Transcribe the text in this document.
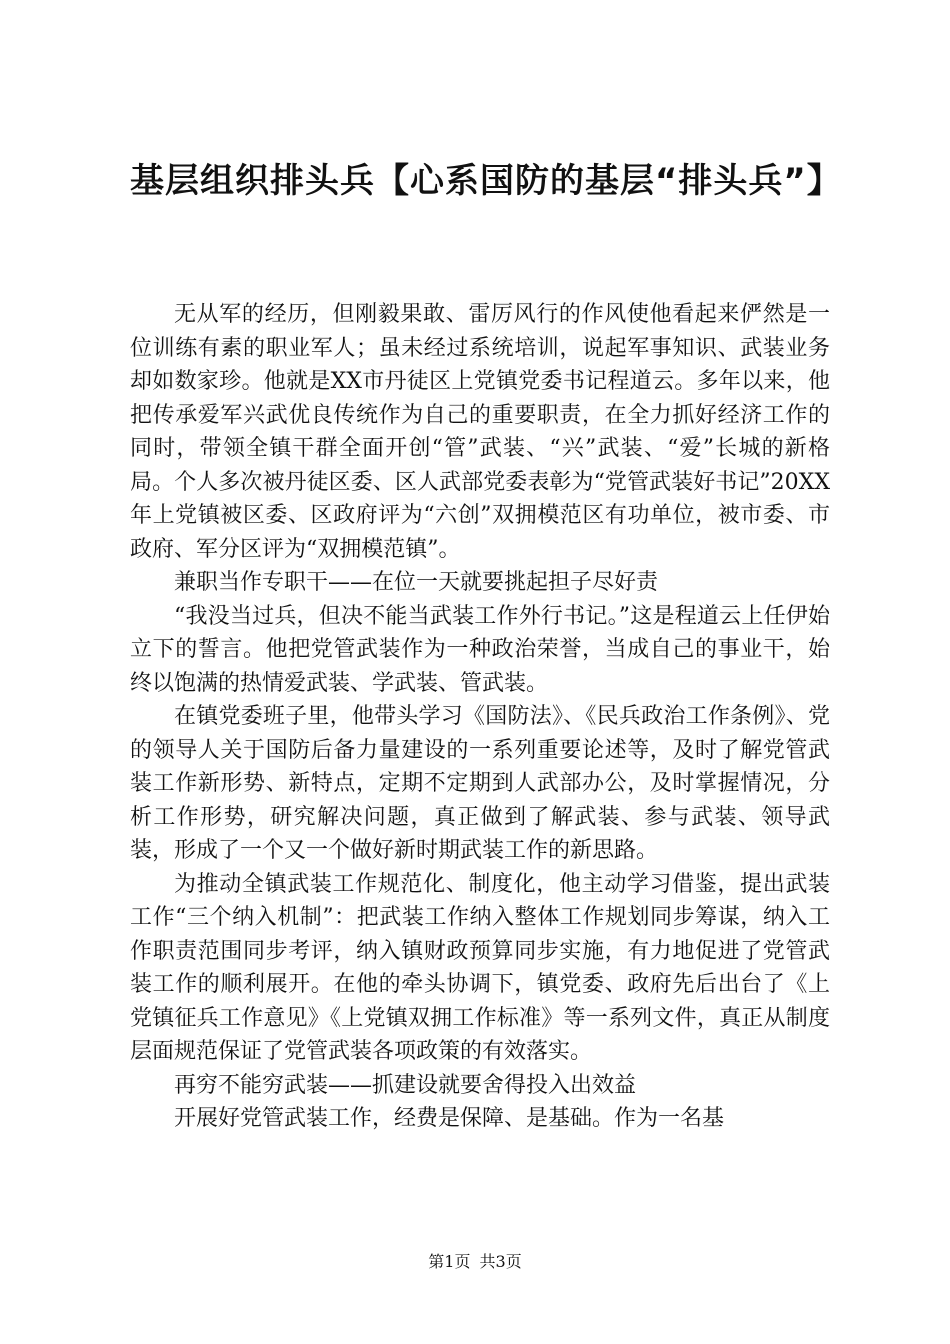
基层组织排头兵【心系国防的基层“排头兵”】

无从军的经历，但刚毅果敢、雷厉风行的作风使他看起来俨然是一位训练有素的职业军人；虽未经过系统培训，说起军事知识、武装业务却如数家珍。他就是XX市丹徒区上党镇党委书记程道云。多年以来，他把传承爱军兴武优良传统作为自己的重要职责，在全力抓好经济工作的同时，带领全镇干群全面开创“管”武装、“兴”武装、“爱”长城的新格局。个人多次被丹徒区委、区人武部党委表彰为“党管武装好书记”20XX年上党镇被区委、区政府评为“六创”双拥模范区有功单位，被市委、市政府、军分区评为“双拥模范镇”。

兼职当作专职干——在位一天就要挑起担子尽好责

“我没当过兵，但决不能当武装工作外行书记。”这是程道云上任伊始立下的誓言。他把党管武装作为一种政治荣誉，当成自己的事业干，始终以饱满的热情爱武装、学武装、管武装。

在镇党委班子里，他带头学习《国防法》、《民兵政治工作条例》、党的领导人关于国防后备力量建设的一系列重要论述等，及时了解党管武装工作新形势、新特点，定期不定期到人武部办公，及时掌握情况，分析工作形势，研究解决问题，真正做到了解武装、参与武装、领导武装，形成了一个又一个做好新时期武装工作的新思路。

为推动全镇武装工作规范化、制度化，他主动学习借鉴，提出武装工作“三个纳入机制”：把武装工作纳入整体工作规划同步筹谋，纳入工作职责范围同步考评，纳入镇财政预算同步实施，有力地促进了党管武装工作的顺利展开。在他的牵头协调下，镇党委、政府先后出台了《上党镇征兵工作意见》《上党镇双拥工作标准》等一系列文件，真正从制度层面规范保证了党管武装各项政策的有效落实。

再穷不能穷武装——抓建设就要舍得投入出效益

开展好党管武装工作，经费是保障、是基础。作为一名基

第1页 共3页
